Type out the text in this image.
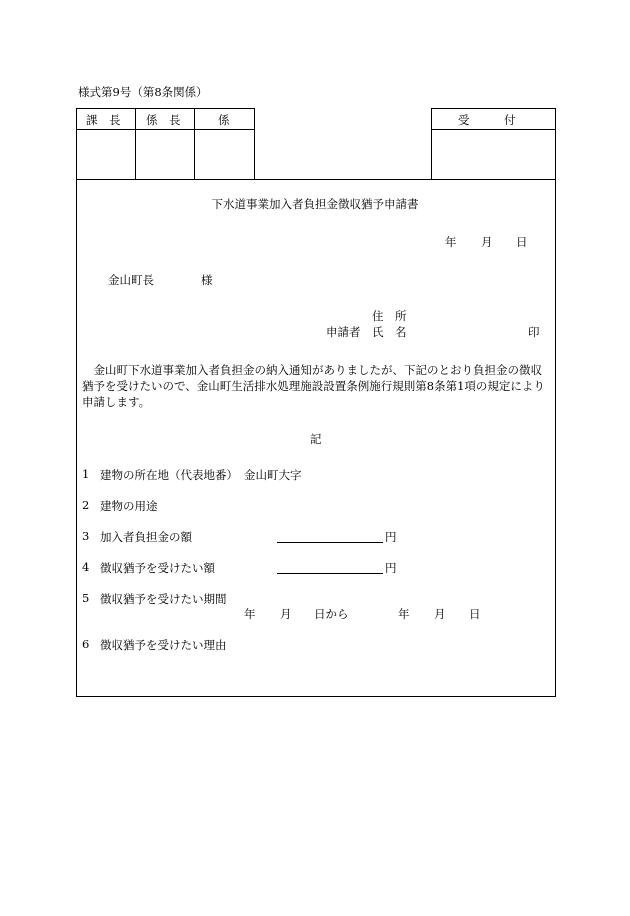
様式第9号（第8条関係）
課　長 係　長	係	受　　　付
下水道事業加入者負担金徴収猶予申請書
年 月 日
金山町長	様
住　所
申請者 氏　名	印
　金山町下水道事業加入者負担金の納入通知がありましたが、下記のとおり負担金の徴収
猶予を受けたいので、金山町生活排水処理施設設置条例施行規則第8条第1項の規定により
申請します。
記
1 建物の所在地（代表地番） 金山町大字
2 建物の用途
3 加入者負担金の額	円
4 徴収猶予を受けたい額	円
5 徴収猶予を受けたい期間
年 月 日から	年 月 日
6 徴収猶予を受けたい理由
